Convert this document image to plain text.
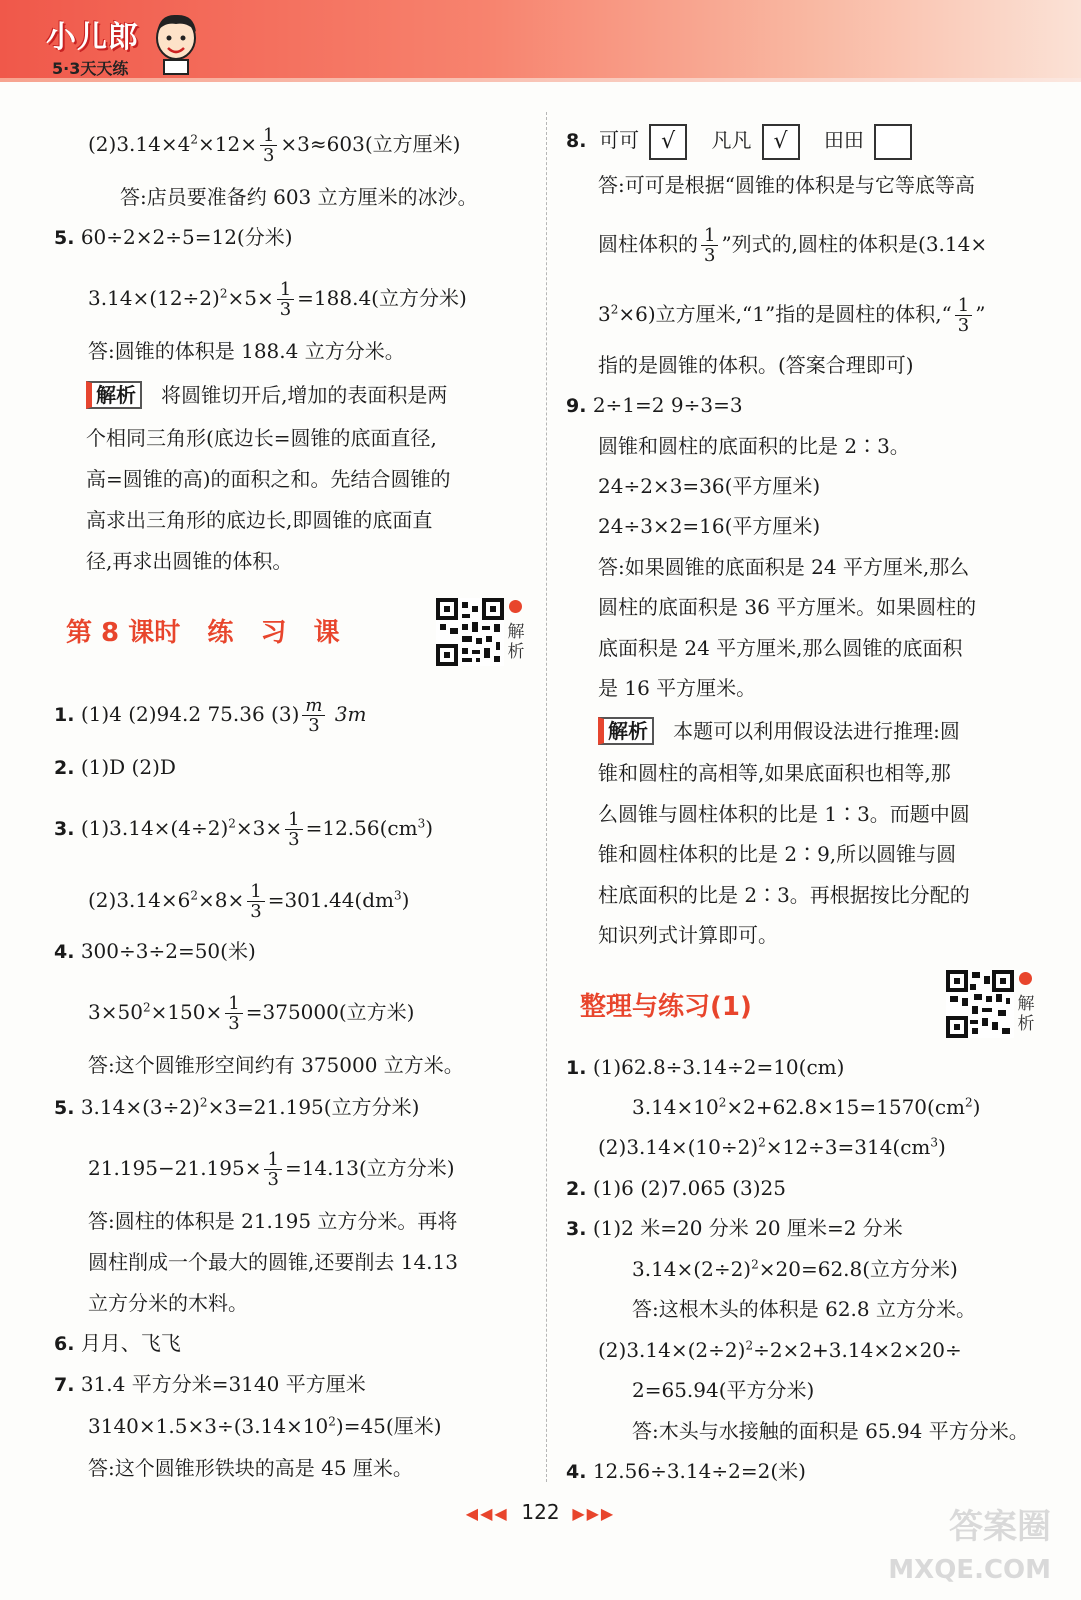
小儿郎
5·3天天练
$(2)3.14\times 4^2\times 12\times \frac{1}{3} \times 3\approx 603$(立方厘米)
答:店员要准备约 603 立方厘米的冰沙。
5. 60÷2×2÷5=12(分米)
$3.14\times(12\div 2)^2\times 5\times \frac{1}{3} =188.4$(立方分米)
答:圆锥的体积是 188.4 立方分米。
解析 将圆锥切开后,增加的表面积是两
个相同三角形(底边长=圆锥的底面直径,
高=圆锥的高)的面积之和。先结合圆锥的
高求出三角形的底边长,即圆锥的底面直
径,再求出圆锥的体积。
第 8 课时   练   习   课	解
析
1. (1)4 (2)94.2 75.36 $(3) \frac{m}{3} 3m$
2. (1)D (2)D
3. $(1)3.14\times(4\div 2)^2\times 3\times \frac{1}{3} =12.56(cm^3)$
$(2)3.14\times 6^2\times 8\times \frac{1}{3} =301.44(dm^3)$
4. 300÷3÷2=50(米)
$3\times 50^2\times 150\times \frac{1}{3} =375000$(立方米)
答:这个圆锥形空间约有 375000 立方米。
5. $3.14\times(3\div 2)^2\times 3=21.195$(立方分米)
$21.195-21.195\times \frac{1}{3} =14.13$(立方分米)
答:圆柱的体积是 21.195 立方分米。再将
圆柱削成一个最大的圆锥,还要削去 14.13
立方分米的木料。
6. 月月、飞飞
7. 31.4 平方分米=3140 平方厘米
$3140\times 1.5\times 3\div(3.14\times 10^2)=45$(厘米)
答:这个圆锥形铁块的高是 45 厘米。
8. 可可 √ 凡凡 √ 田田
答:可可是根据“圆锥的体积是与它等底等高
圆柱体积的 $\frac{1}{3}$ ”列式的,圆柱的体积是(3.14×
$3^2\times 6$)立方厘米,“1”指的是圆柱的体积,“ $\frac{1}{3}$ ”
指的是圆锥的体积。(答案合理即可)
9. 2÷1=2 9÷3=3
圆锥和圆柱的底面积的比是 2∶3。
24÷2×3=36(平方厘米)
24÷3×2=16(平方厘米)
答:如果圆锥的底面积是 24 平方厘米,那么
圆柱的底面积是 36 平方厘米。如果圆柱的
底面积是 24 平方厘米,那么圆锥的底面积
是 16 平方厘米。
解析 本题可以利用假设法进行推理:圆
锥和圆柱的高相等,如果底面积也相等,那
么圆锥与圆柱体积的比是 1∶3。而题中圆
锥和圆柱体积的比是 2∶9,所以圆锥与圆
柱底面积的比是 2∶3。再根据按比分配的
知识列式计算即可。
整理与练习(1)	解
析
1. (1)62.8÷3.14÷2=10(cm)
$3.14\times 10^2\times 2+62.8\times 15=1570(cm^2)$
$(2)3.14\times(10\div 2)^2\times 12\div 3=314(cm^3)$
2. (1)6 (2)7.065 (3)25
3. (1)2 米=20 分米 20 厘米=2 分米
$3.14\times(2\div 2)^2\times 20=62.8$(立方分米)
答:这根木头的体积是 62.8 立方分米。
$(2)3.14\times(2\div 2)^2\div 2\times 2+3.14\times 2\times 20\div$
2=65.94(平方分米)
答:木头与水接触的面积是 65.94 平方分米。
4. 12.56÷3.14÷2=2(米)
◀◀◀ 122 ▶▶▶	答案圈
MXQE.COM
